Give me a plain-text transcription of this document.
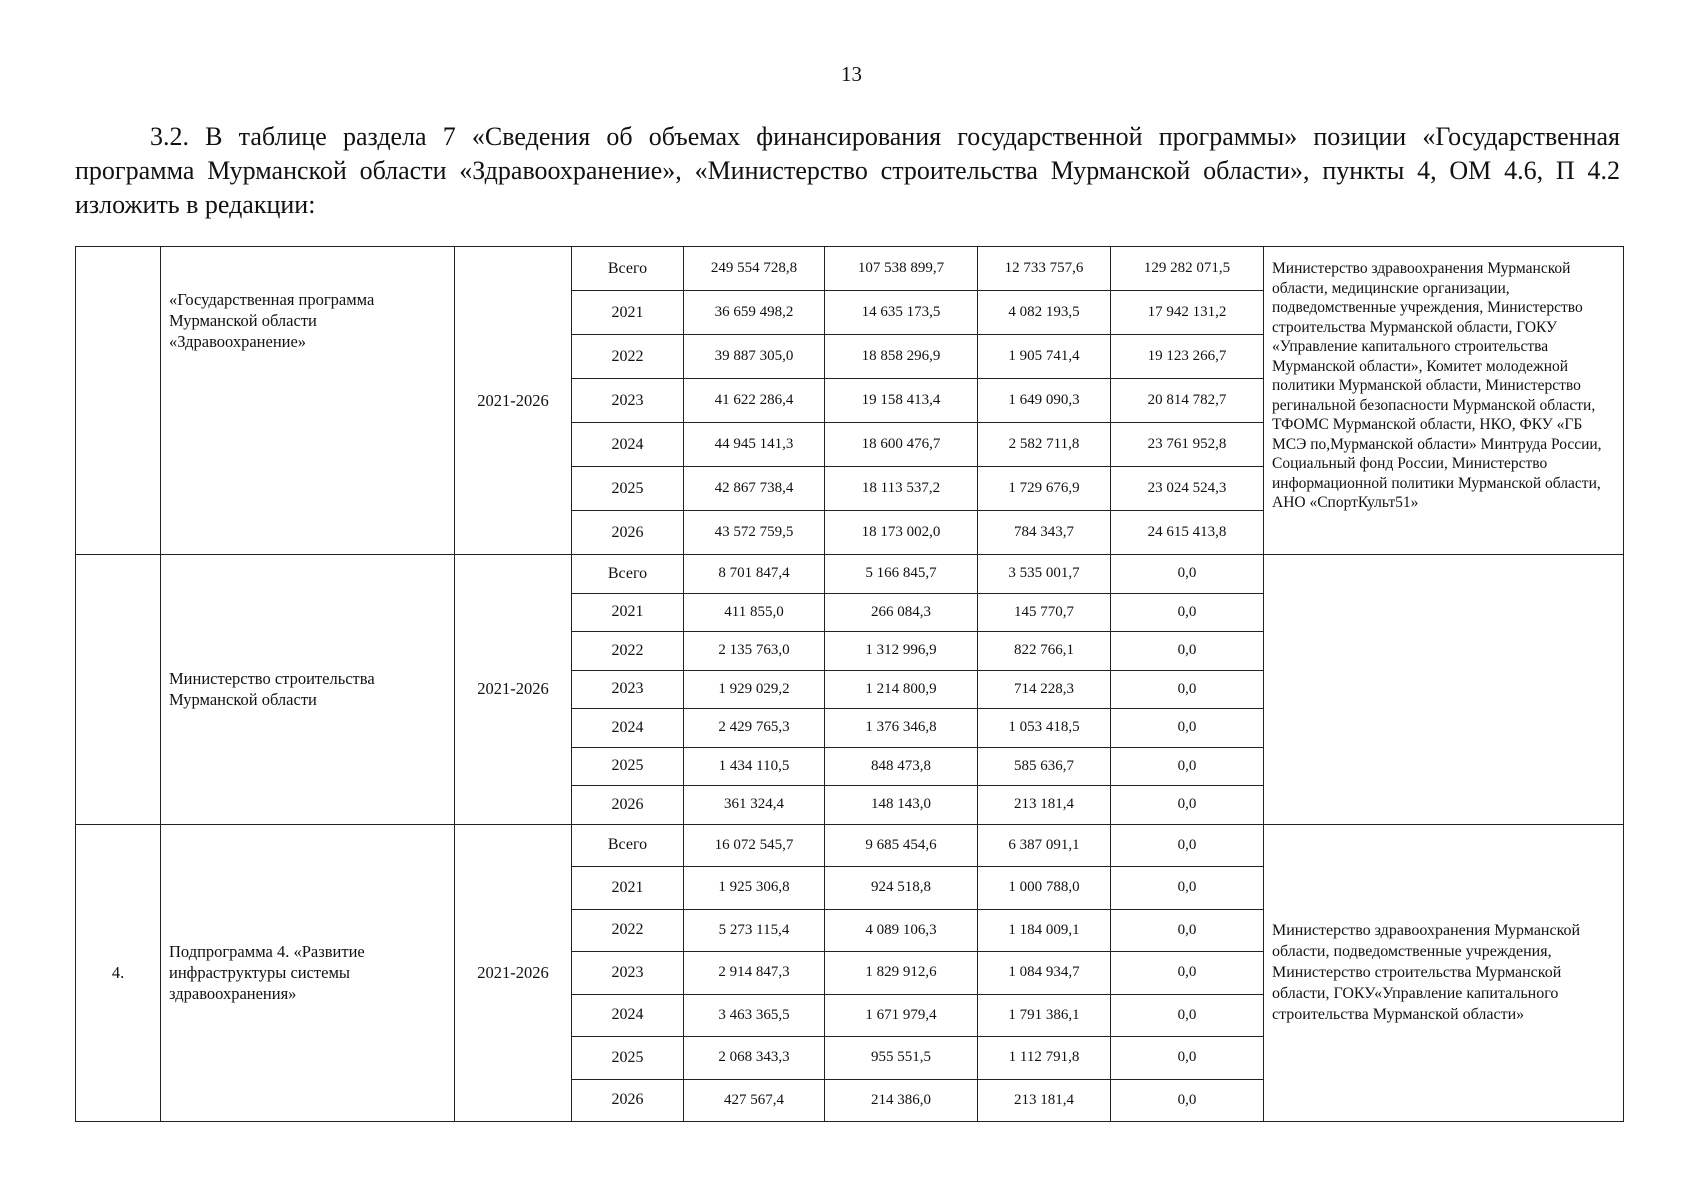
13
3.2. В таблице раздела 7 «Сведения об объемах финансирования государственной программы» позиции «Государственная программа Мурманской области «Здравоохранение», «Министерство строительства Мурманской области», пункты 4, ОМ 4.6, П 4.2 изложить в редакции:
	«Государственная программа Мурманской области «Здравоохранение»	2021-2026	Всего	249 554 728,8	107 538 899,7	12 733 757,6	129 282 071,5	Министерство здравоохранения Мурманской области, медицинские организации, подведомственные учреждения, Министерство строительства Мурманской области, ГОКУ «Управление капитального строительства Мурманской области», Комитет молодежной политики Мурманской области, Министерство регинальной безопасности Мурманской области, ТФОМС Мурманской области, НКО, ФКУ «ГБ МСЭ по,Мурманской области» Минтруда России, Социальный фонд России, Министерство информационной политики Мурманской области, АНО «СпортКульт51»
			2021	36 659 498,2	14 635 173,5	4 082 193,5	17 942 131,2	
			2022	39 887 305,0	18 858 296,9	1 905 741,4	19 123 266,7	
			2023	41 622 286,4	19 158 413,4	1 649 090,3	20 814 782,7	
			2024	44 945 141,3	18 600 476,7	2 582 711,8	23 761 952,8	
			2025	42 867 738,4	18 113 537,2	1 729 676,9	23 024 524,3	
			2026	43 572 759,5	18 173 002,0	784 343,7	24 615 413,8	
	Министерство строительства Мурманской области	2021-2026	Всего	8 701 847,4	5 166 845,7	3 535 001,7	0,0	
			2021	411 855,0	266 084,3	145 770,7	0,0	
			2022	2 135 763,0	1 312 996,9	822 766,1	0,0	
			2023	1 929 029,2	1 214 800,9	714 228,3	0,0	
			2024	2 429 765,3	1 376 346,8	1 053 418,5	0,0	
			2025	1 434 110,5	848 473,8	585 636,7	0,0	
			2026	361 324,4	148 143,0	213 181,4	0,0	
4.	Подпрограмма 4. «Развитие инфраструктуры системы здравоохранения»	2021-2026	Всего	16 072 545,7	9 685 454,6	6 387 091,1	0,0	Министерство здравоохранения Мурманской области, подведомственные учреждения, Министерство строительства Мурманской области, ГОКУ«Управление капитального строительства Мурманской области»
			2021	1 925 306,8	924 518,8	1 000 788,0	0,0	
			2022	5 273 115,4	4 089 106,3	1 184 009,1	0,0	
			2023	2 914 847,3	1 829 912,6	1 084 934,7	0,0	
			2024	3 463 365,5	1 671 979,4	1 791 386,1	0,0	
			2025	2 068 343,3	955 551,5	1 112 791,8	0,0	
			2026	427 567,4	214 386,0	213 181,4	0,0	
